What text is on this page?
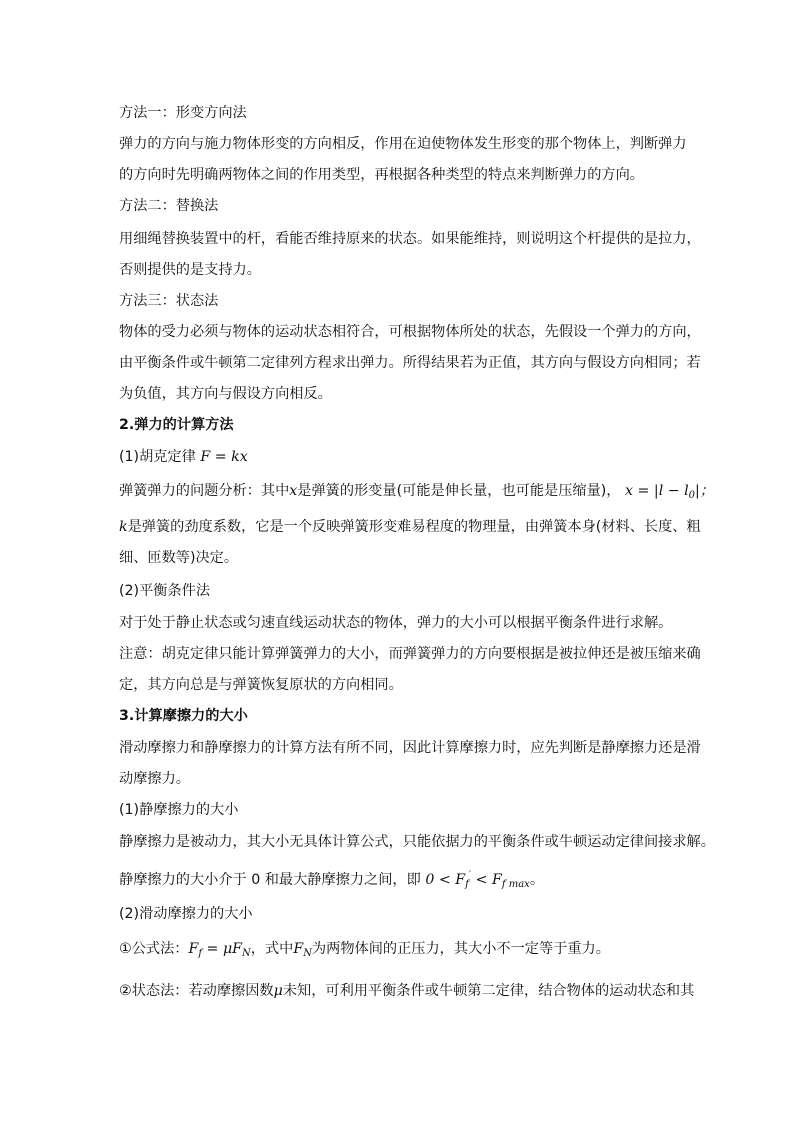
方法一：形变方向法
弹力的方向与施力物体形变的方向相反，作用在迫使物体发生形变的那个物体上，判断弹力
的方向时先明确两物体之间的作用类型，再根据各种类型的特点来判断弹力的方向。
方法二：替换法
用细绳替换装置中的杆，看能否维持原来的状态。如果能维持，则说明这个杆提供的是拉力，
否则提供的是支持力。
方法三：状态法
物体的受力必须与物体的运动状态相符合，可根据物体所处的状态，先假设一个弹力的方向，
由平衡条件或牛顿第二定律列方程求出弹力。所得结果若为正值，其方向与假设方向相同；若
为负值，其方向与假设方向相反。
2.弹力的计算方法
(1)胡克定律 F = kx
弹簧弹力的问题分析：其中x是弹簧的形变量(可能是伸长量，也可能是压缩量)， $x = |l - l_0|$；
k是弹簧的劲度系数，它是一个反映弹簧形变难易程度的物理量，由弹簧本身(材料、长度、粗
细、匝数等)决定。
(2)平衡条件法
对于处于静止状态或匀速直线运动状态的物体，弹力的大小可以根据平衡条件进行求解。
注意：胡克定律只能计算弹簧弹力的大小，而弹簧弹力的方向要根据是被拉伸还是被压缩来确
定，其方向总是与弹簧恢复原状的方向相同。
3.计算摩擦力的大小
滑动摩擦力和静摩擦力的计算方法有所不同，因此计算摩擦力时，应先判断是静摩擦力还是滑
动摩擦力。
(1)静摩擦力的大小
静摩擦力是被动力，其大小无具体计算公式，只能依据力的平衡条件或牛顿运动定律间接求解。
静摩擦力的大小介于 0 和最大静摩擦力之间，即 $0 < F_f' < F_{f max}$。
(2)滑动摩擦力的大小
①公式法：$F_f = \mu F_N$，式中$F_N$为两物体间的正压力，其大小不一定等于重力。
②状态法：若动摩擦因数μ未知，可利用平衡条件或牛顿第二定律，结合物体的运动状态和其
